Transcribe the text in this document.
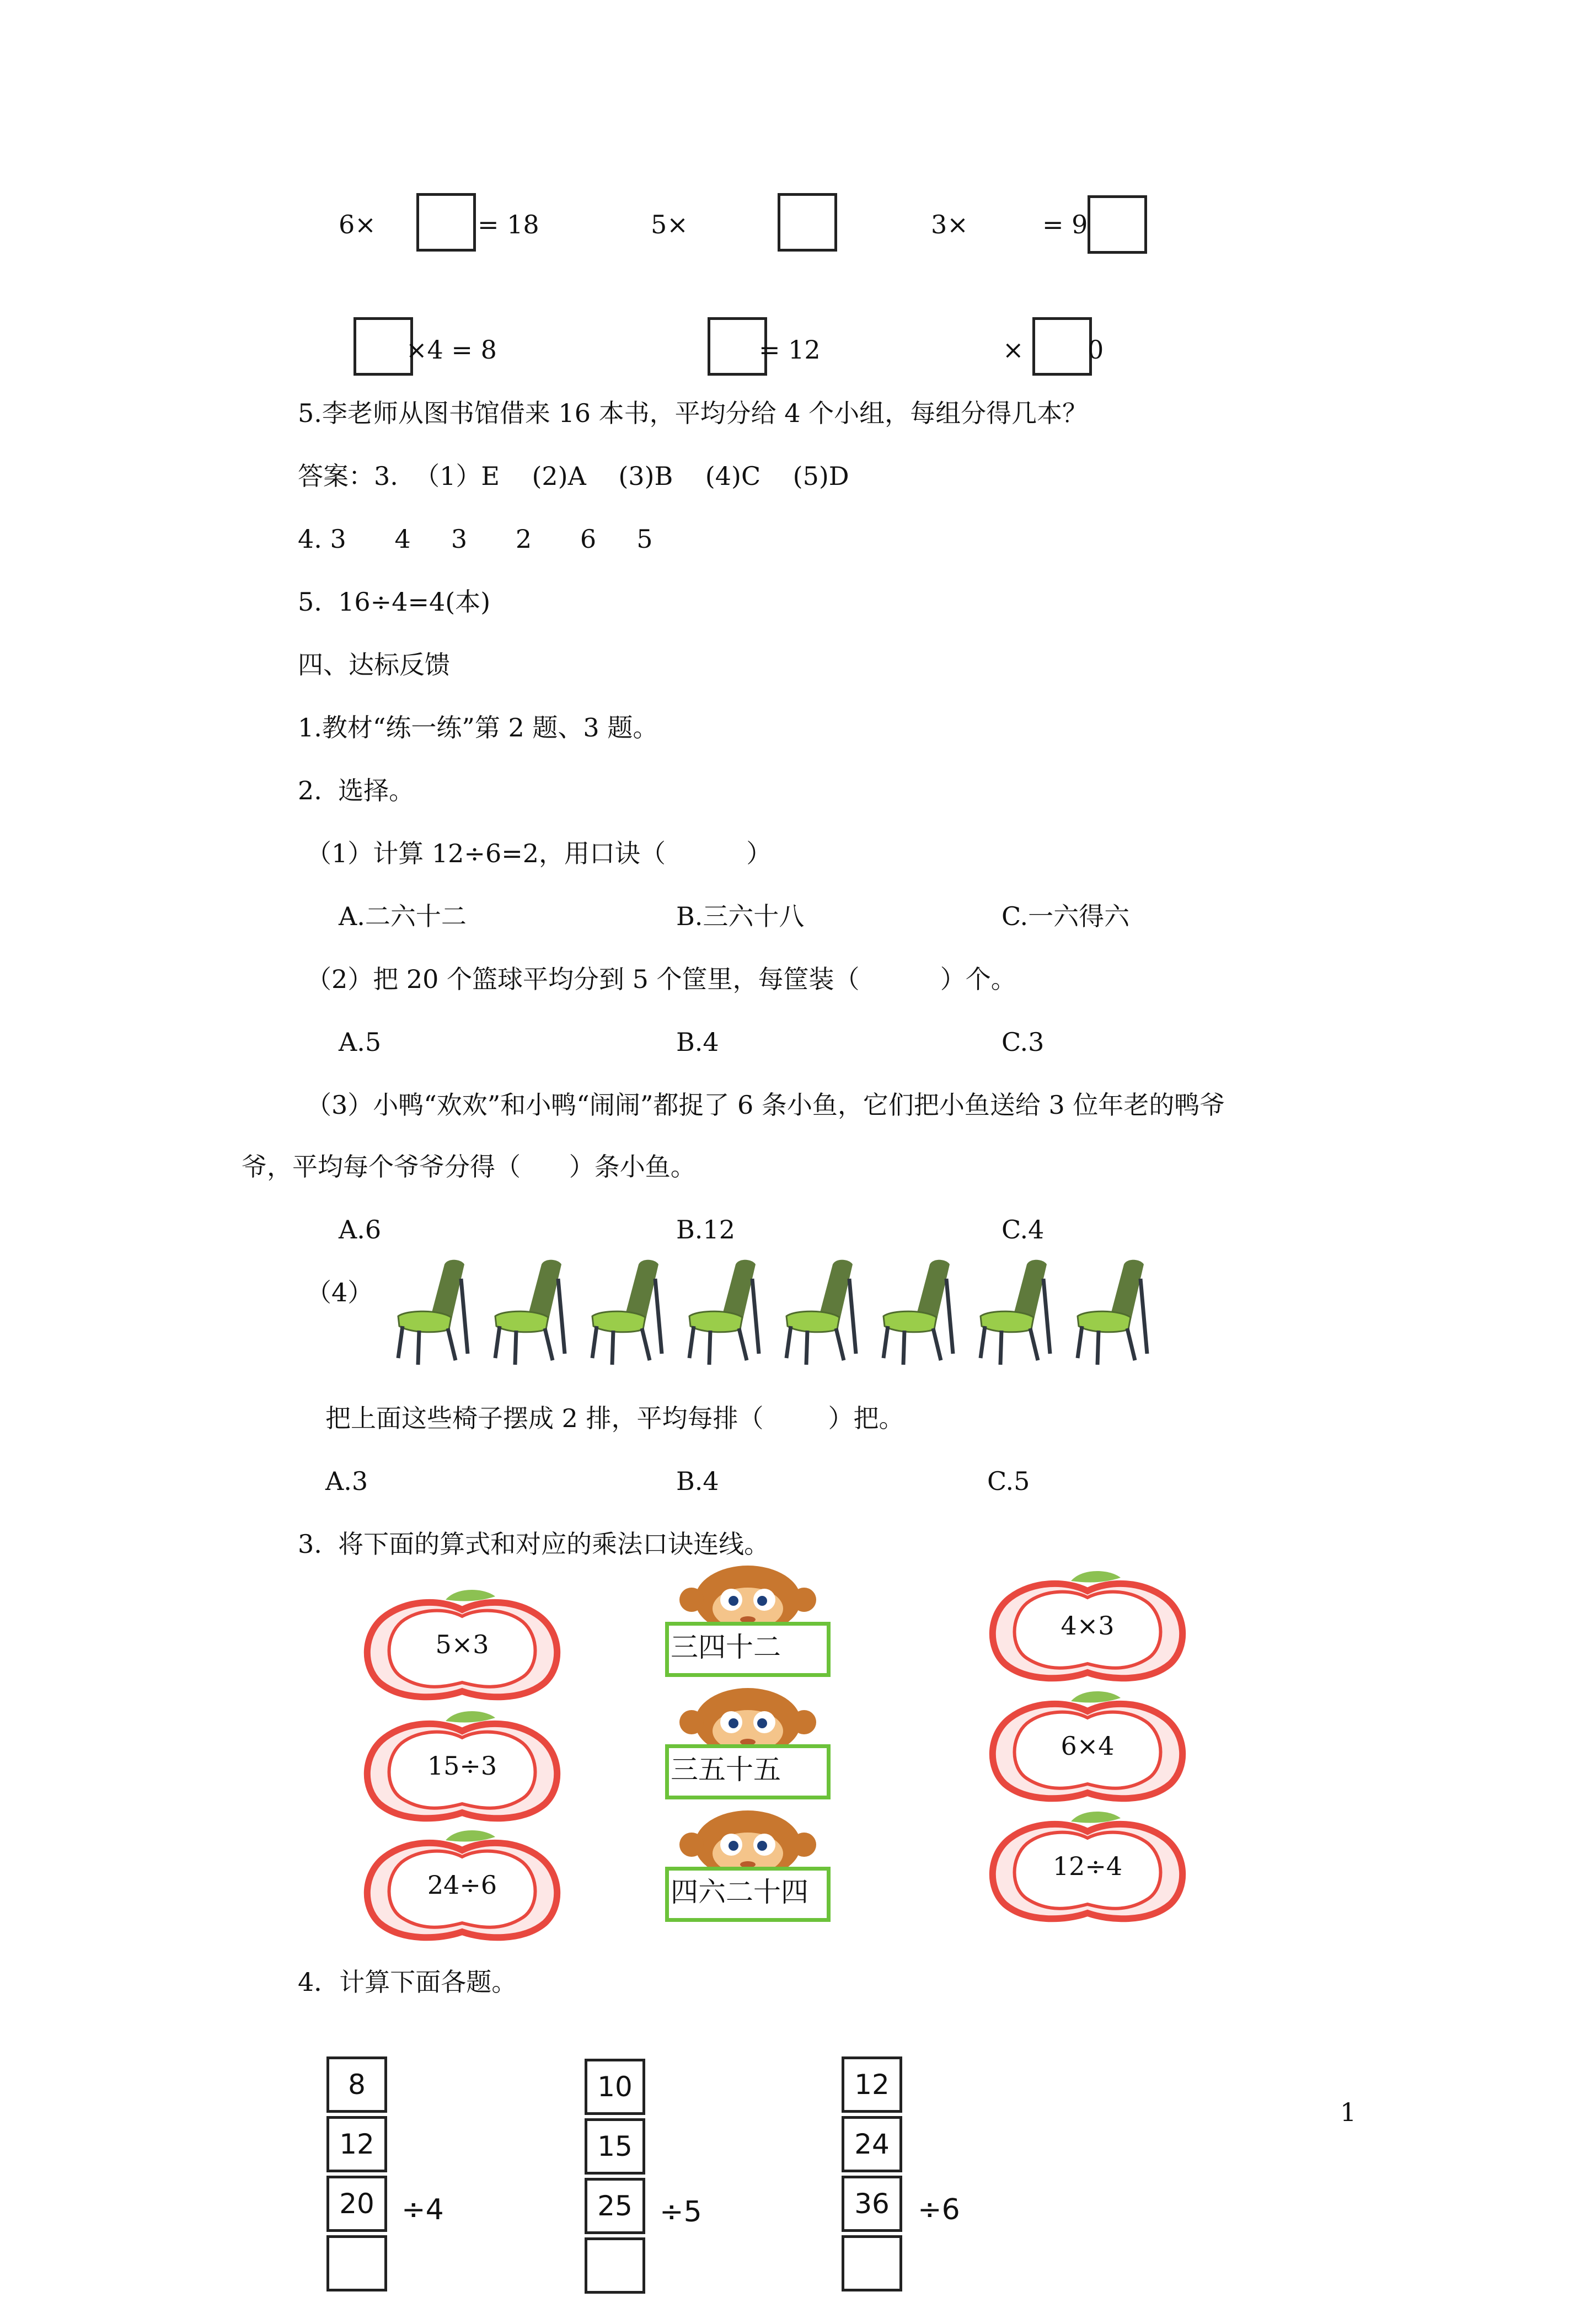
6×	= 18	5×	3×	= 9
×4 = 8	= 12	×	0
5.李老师从图书馆借来 16 本书，平均分给 4 个小组，每组分得几本？
答案：3.  （1）E    (2)A    (3)B    (4)C    (5)D
4. 3      4     3      2      6     5
5.  16÷4=4(本)
四、达标反馈
1.教材“练一练”第 2 题、3 题。
2.  选择。
（1）计算 12÷6=2，用口诀（          ）
A.二六十二	B.三六十八	C.一六得六
（2）把 20 个篮球平均分到 5 个筐里，每筐装（          ）个。
A.5	B.4	C.3
（3）小鸭“欢欢”和小鸭“闹闹”都捉了 6 条小鱼，它们把小鱼送给 3 位年老的鸭爷
爷，平均每个爷爷分得（      ）条小鱼。
A.6	B.12	C.4
（4）
把上面这些椅子摆成 2 排，平均每排（        ）把。
A.3	B.4	C.5
3.  将下面的算式和对应的乘法口诀连线。
5×3
15÷3
24÷6
三四十二
三五十五
四六二十四
4×3
6×4
12÷4
4．计算下面各题。
8
12
20 ÷4
10
15
25 ÷5
12
24
36 ÷6
1
